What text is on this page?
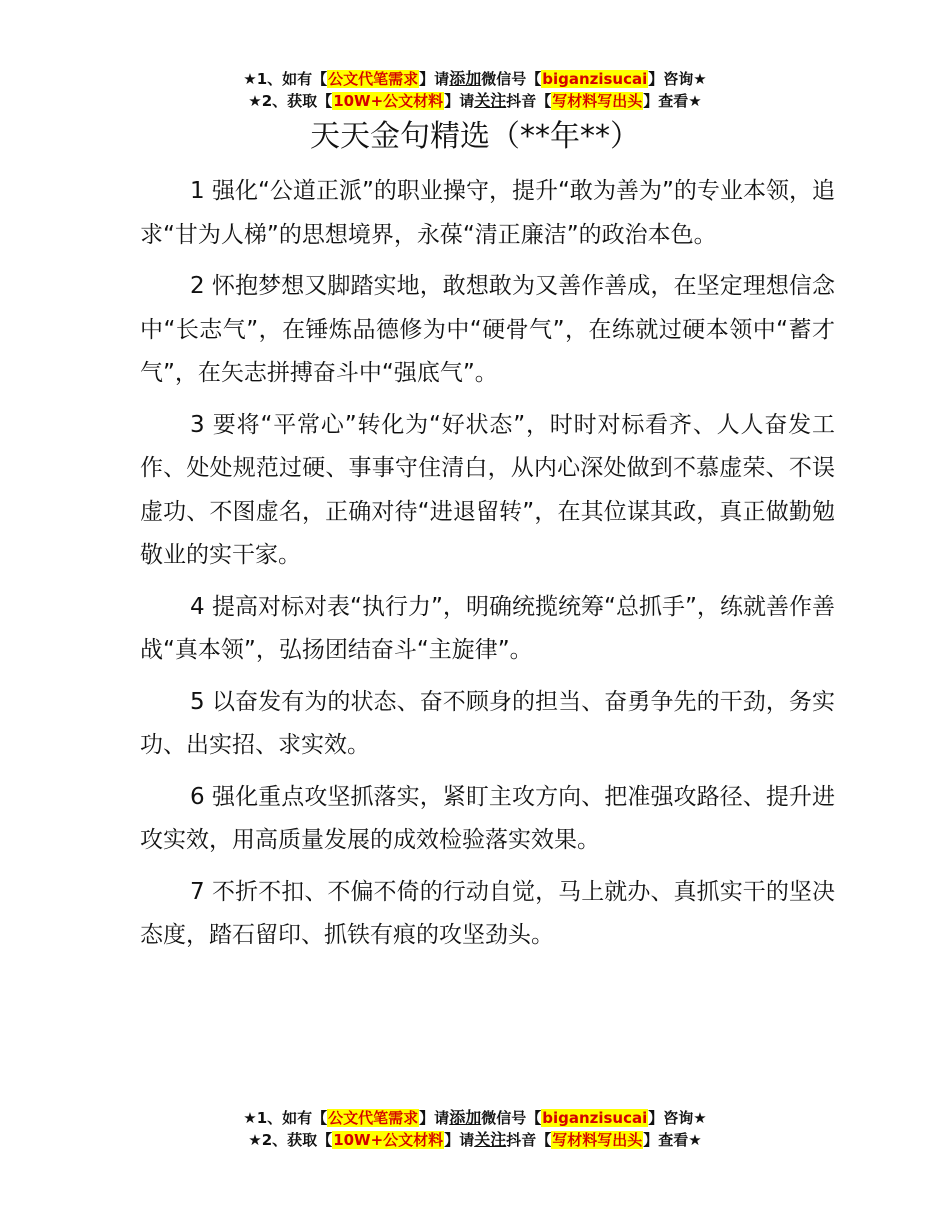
★1、如有【公文代笔需求】请添加微信号【biganzisucai】咨询★
★2、获取【10W+公文材料】请关注抖音【写材料写出头】查看★
天天金句精选（**年**）

1 强化“公道正派”的职业操守，提升“敢为善为”的专业本领，追求“甘为人梯”的思想境界，永葆“清正廉洁”的政治本色。

2 怀抱梦想又脚踏实地，敢想敢为又善作善成，在坚定理想信念中“长志气”，在锤炼品德修为中“硬骨气”，在练就过硬本领中“蓄才气”，在矢志拼搏奋斗中“强底气”。

3 要将“平常心”转化为“好状态”，时时对标看齐、人人奋发工作、处处规范过硬、事事守住清白，从内心深处做到不慕虚荣、不误虚功、不图虚名，正确对待“进退留转”，在其位谋其政，真正做勤勉敬业的实干家。

4 提高对标对表“执行力”，明确统揽统筹“总抓手”，练就善作善战“真本领”，弘扬团结奋斗“主旋律”。

5 以奋发有为的状态、奋不顾身的担当、奋勇争先的干劲，务实功、出实招、求实效。

6 强化重点攻坚抓落实，紧盯主攻方向、把准强攻路径、提升进攻实效，用高质量发展的成效检验落实效果。

7 不折不扣、不偏不倚的行动自觉，马上就办、真抓实干的坚决态度，踏石留印、抓铁有痕的攻坚劲头。

★1、如有【公文代笔需求】请添加微信号【biganzisucai】咨询★
★2、获取【10W+公文材料】请关注抖音【写材料写出头】查看★
